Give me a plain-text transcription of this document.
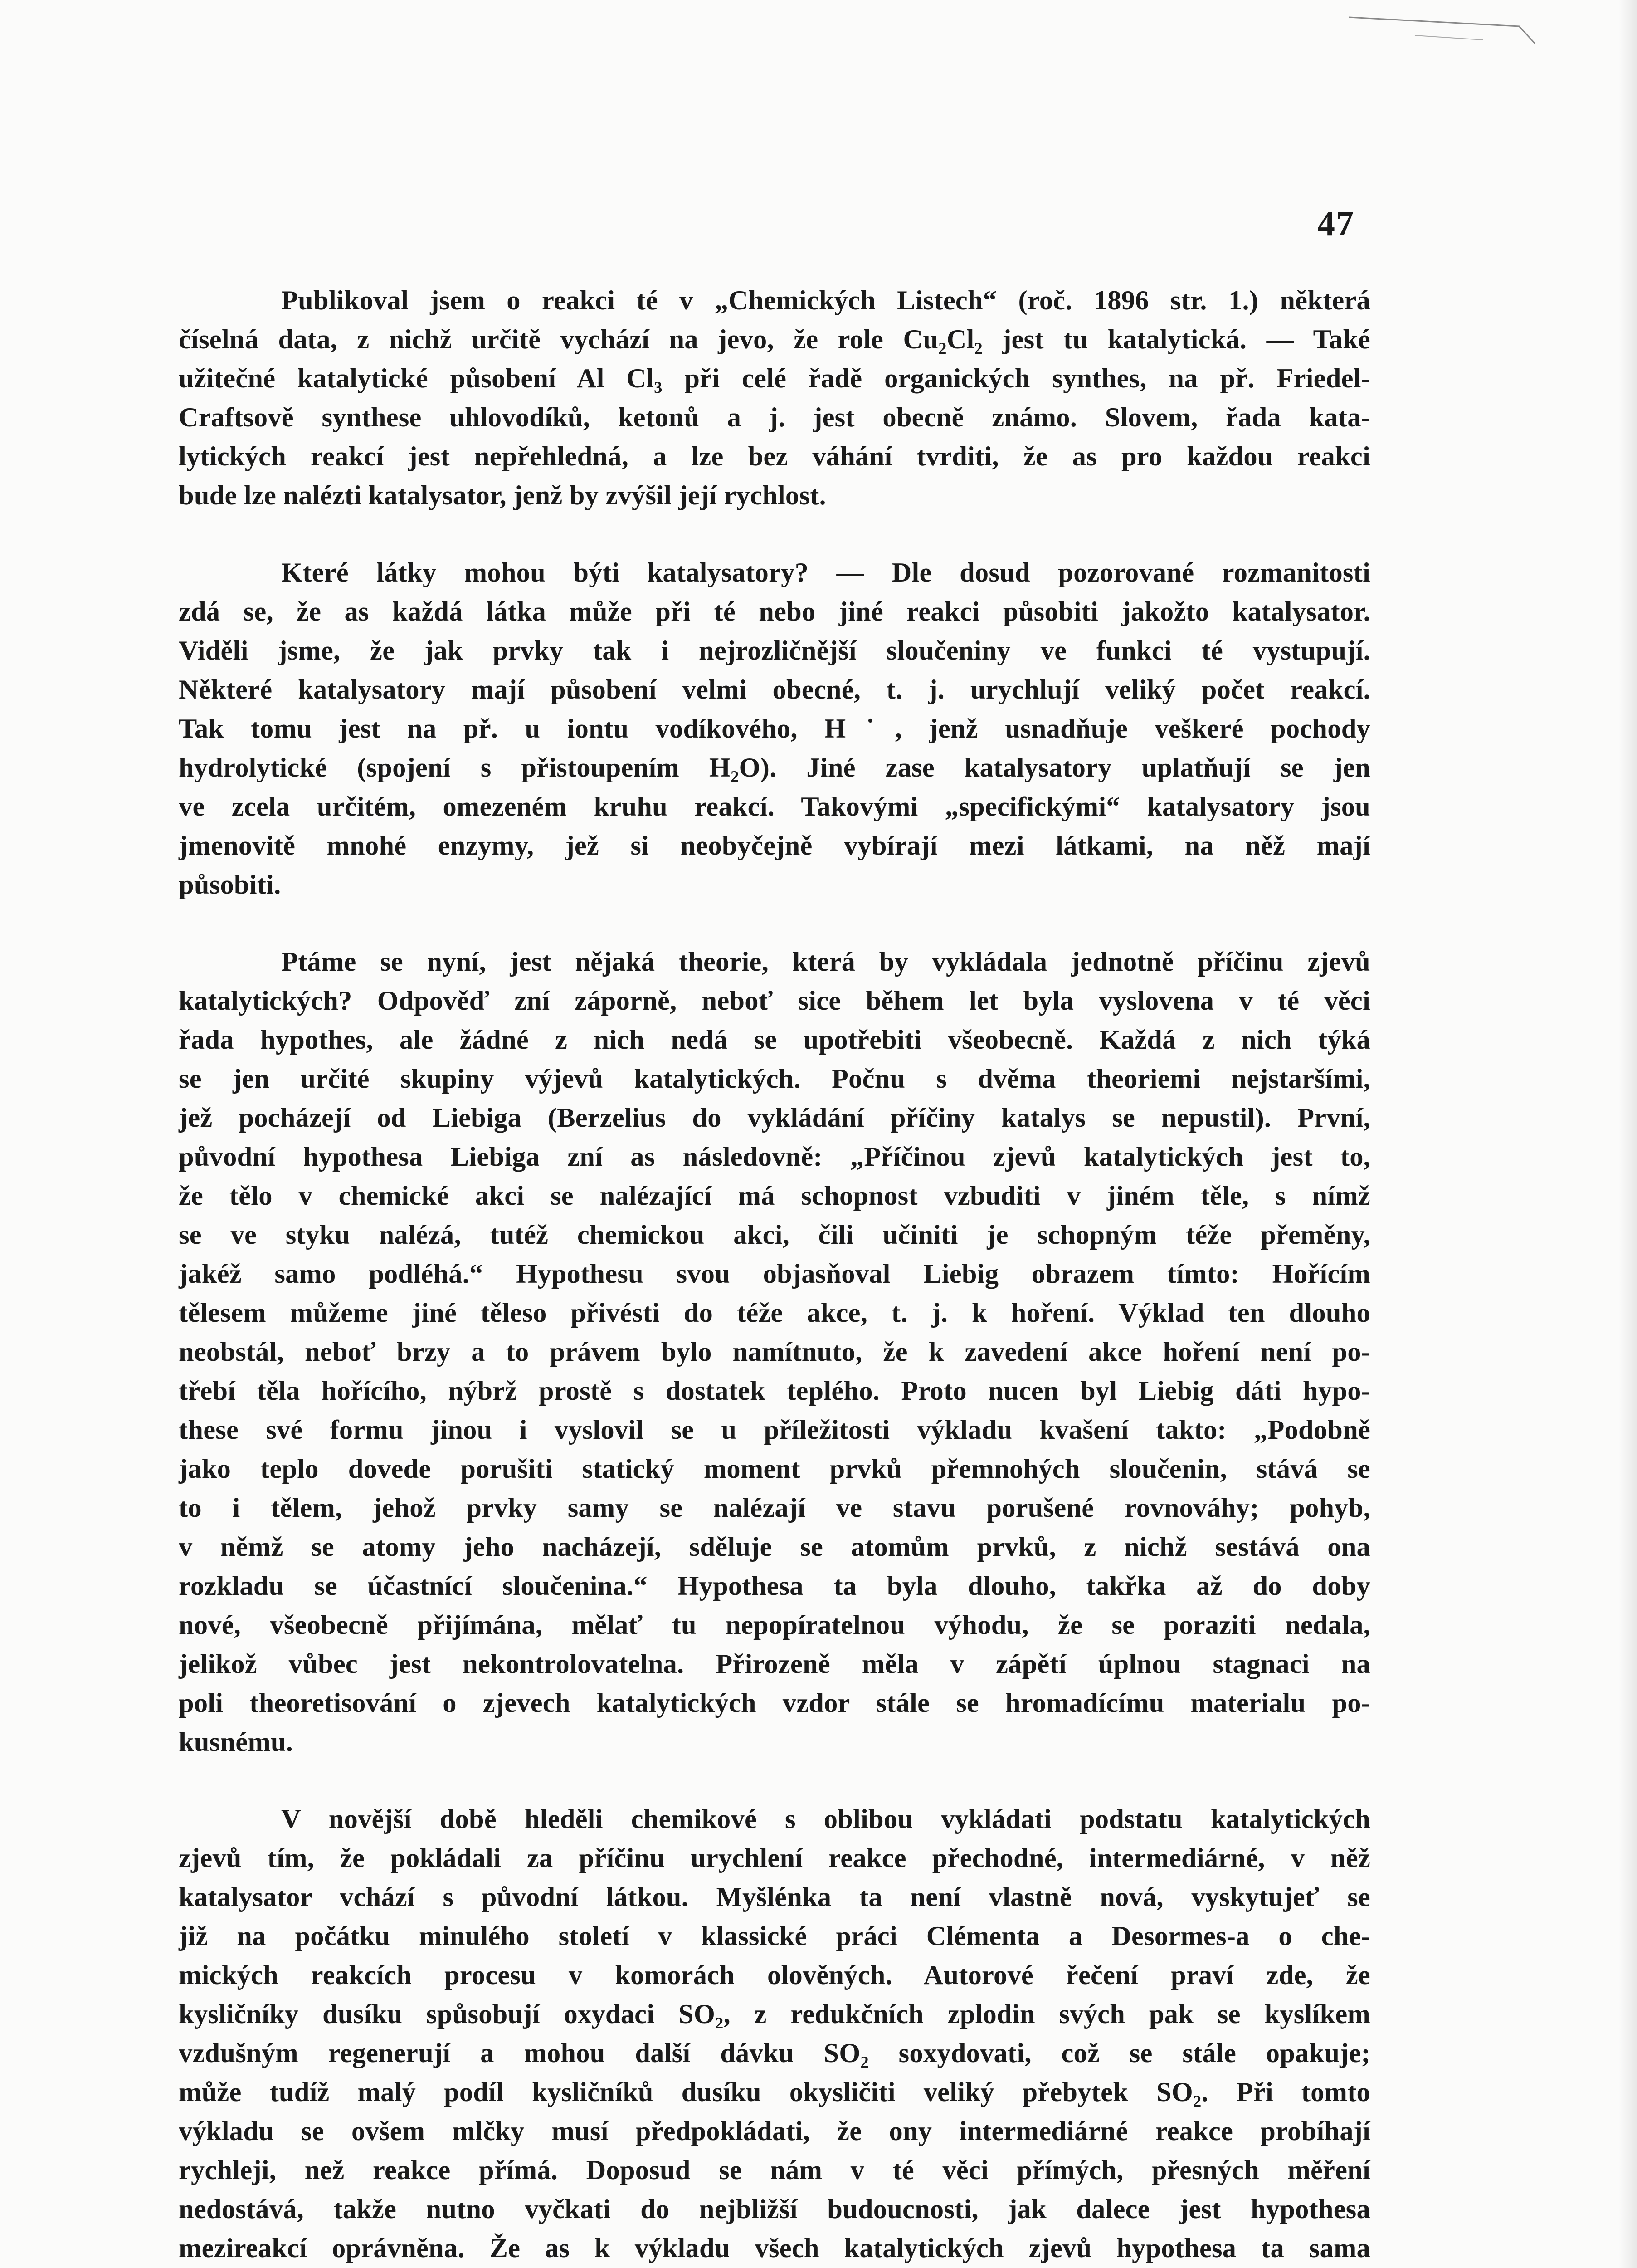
47

Publikoval jsem o reakci té v „Chemických Listech“ (roč. 1896 str. 1.) některá
číselná data, z nichž určitě vychází na jevo, že role Cu₂Cl₂ jest tu katalytická. — Také
užitečné katalytické působení Al Cl₃ při celé řadě organických synthes, na př. Friedel-
Craftsově synthese uhlovodíků, ketonů a j. jest obecně známo. Slovem, řada kata-
lytických reakcí jest nepřehledná, a lze bez váhání tvrditi, že as pro každou reakci
bude lze nalézti katalysator, jenž by zvýšil její rychlost.

Které látky mohou býti katalysatory? — Dle dosud pozorované rozmanitosti
zdá se, že as každá látka může při té nebo jiné reakci působiti jakožto katalysator.
Viděli jsme, že jak prvky tak i nejrozličnější sloučeniny ve funkci té vystupují.
Některé katalysatory mají působení velmi obecné, t. j. urychlují veliký počet reakcí.
Tak tomu jest na př. u iontu vodíkového, H˙, jenž usnadňuje veškeré pochody
hydrolytické (spojení s přistoupením H₂O). Jiné zase katalysatory uplatňují se jen
ve zcela určitém, omezeném kruhu reakcí. Takovými „specifickými“ katalysatory jsou
jmenovitě mnohé enzymy, jež si neobyčejně vybírají mezi látkami, na něž mají
působiti.

Ptáme se nyní, jest nějaká theorie, která by vykládala jednotně příčinu zjevů
katalytických? Odpověď zní záporně, neboť sice během let byla vyslovena v té věci
řada hypothes, ale žádné z nich nedá se upotřebiti všeobecně. Každá z nich týká
se jen určité skupiny výjevů katalytických. Počnu s dvěma theoriemi nejstaršími,
jež pocházejí od Liebiga (Berzelius do vykládání příčiny katalys se nepustil). První,
původní hypothesa Liebiga zní as následovně: „Příčinou zjevů katalytických jest to,
že tělo v chemické akci se nalézající má schopnost vzbuditi v jiném těle, s nímž
se ve styku nalézá, tutéž chemickou akci, čili učiniti je schopným téže přeměny,
jakéž samo podléhá.“ Hypothesu svou objasňoval Liebig obrazem tímto: Hořícím
tělesem můžeme jiné těleso přivésti do téže akce, t. j. k hoření. Výklad ten dlouho
neobstál, neboť brzy a to právem bylo namítnuto, že k zavedení akce hoření není po-
třebí těla hořícího, nýbrž prostě s dostatek teplého. Proto nucen byl Liebig dáti hypo-
these své formu jinou i vyslovil se u příležitosti výkladu kvašení takto: „Podobně
jako teplo dovede porušiti statický moment prvků přemnohých sloučenin, stává se
to i tělem, jehož prvky samy se nalézají ve stavu porušené rovnováhy; pohyb,
v němž se atomy jeho nacházejí, sděluje se atomům prvků, z nichž sestává ona
rozkladu se účastnící sloučenina.“ Hypothesa ta byla dlouho, takřka až do doby
nové, všeobecně přijímána, mělať tu nepopíratelnou výhodu, že se poraziti nedala,
jelikož vůbec jest nekontrolovatelna. Přirozeně měla v zápětí úplnou stagnaci na
poli theoretisování o zjevech katalytických vzdor stále se hromadícímu materialu po-
kusnému.

V novější době hleděli chemikové s oblibou vykládati podstatu katalytických
zjevů tím, že pokládali za příčinu urychlení reakce přechodné, intermediárné, v něž
katalysator vchází s původní látkou. Myšlénka ta není vlastně nová, vyskytujeť se
již na počátku minulého století v klassické práci Clémenta a Desormes-a o che-
mických reakcích procesu v komorách olověných. Autorové řečení praví zde, že
kysličníky dusíku spůsobují oxydaci SO₂, z redukčních zplodin svých pak se kyslíkem
vzdušným regenerují a mohou další dávku SO₂ soxydovati, což se stále opakuje;
může tudíž malý podíl kysličníků dusíku okysličiti veliký přebytek SO₂. Při tomto
výkladu se ovšem mlčky musí předpokládati, že ony intermediárné reakce probíhají
rychleji, než reakce přímá. Doposud se nám v té věci přímých, přesných měření
nedostává, takže nutno vyčkati do nejbližší budoucnosti, jak dalece jest hypothesa
mezireakcí oprávněna. Že as k výkladu všech katalytických zjevů hypothesa ta sama
